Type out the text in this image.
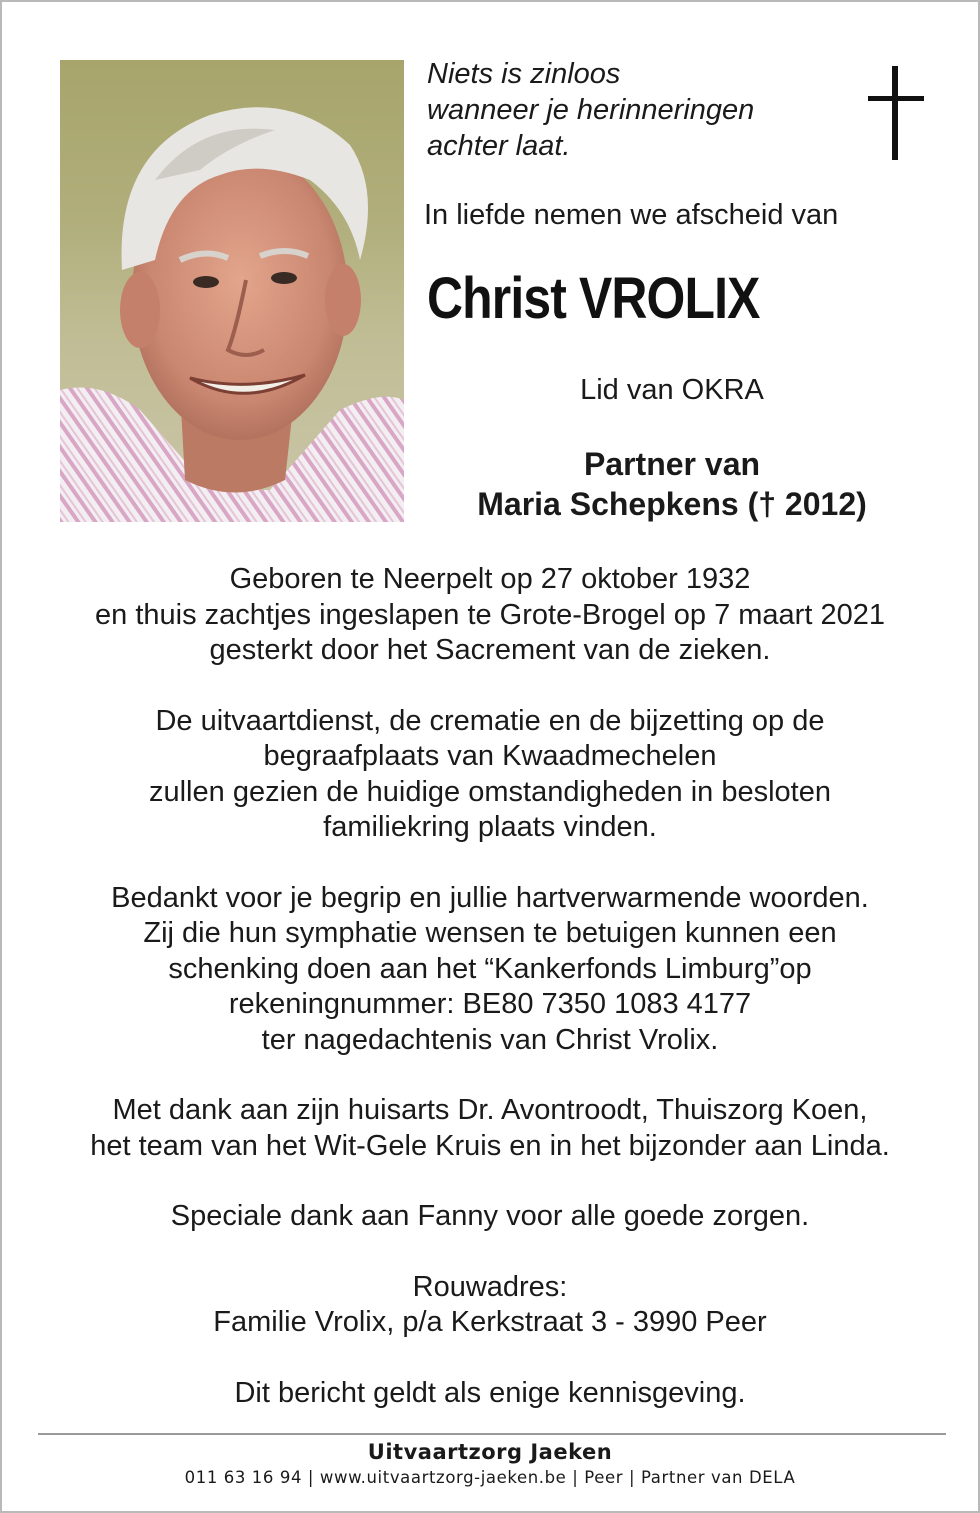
Niets is zinloos
wanneer je herinneringen
achter laat.

In liefde nemen we afscheid van

Christ VROLIX

Lid van OKRA

Partner van
Maria Schepkens († 2012)

Geboren te Neerpelt op 27 oktober 1932
en thuis zachtjes ingeslapen te Grote-Brogel op 7 maart 2021
gesterkt door het Sacrement van de zieken.

De uitvaartdienst, de crematie en de bijzetting op de
begraafplaats van Kwaadmechelen
zullen gezien de huidige omstandigheden in besloten
familiekring plaats vinden.

Bedankt voor je begrip en jullie hartverwarmende woorden.
Zij die hun symphatie wensen te betuigen kunnen een
schenking doen aan het “Kankerfonds Limburg”op
rekeningnummer: BE80 7350 1083 4177
ter nagedachtenis van Christ Vrolix.

Met dank aan zijn huisarts Dr. Avontroodt, Thuiszorg Koen,
het team van het Wit-Gele Kruis en in het bijzonder aan Linda.

Speciale dank aan Fanny voor alle goede zorgen.

Rouwadres:
Familie Vrolix, p/a Kerkstraat 3 - 3990 Peer

Dit bericht geldt als enige kennisgeving.

Uitvaartzorg Jaeken
011 63 16 94 | www.uitvaartzorg-jaeken.be | Peer | Partner van DELA
